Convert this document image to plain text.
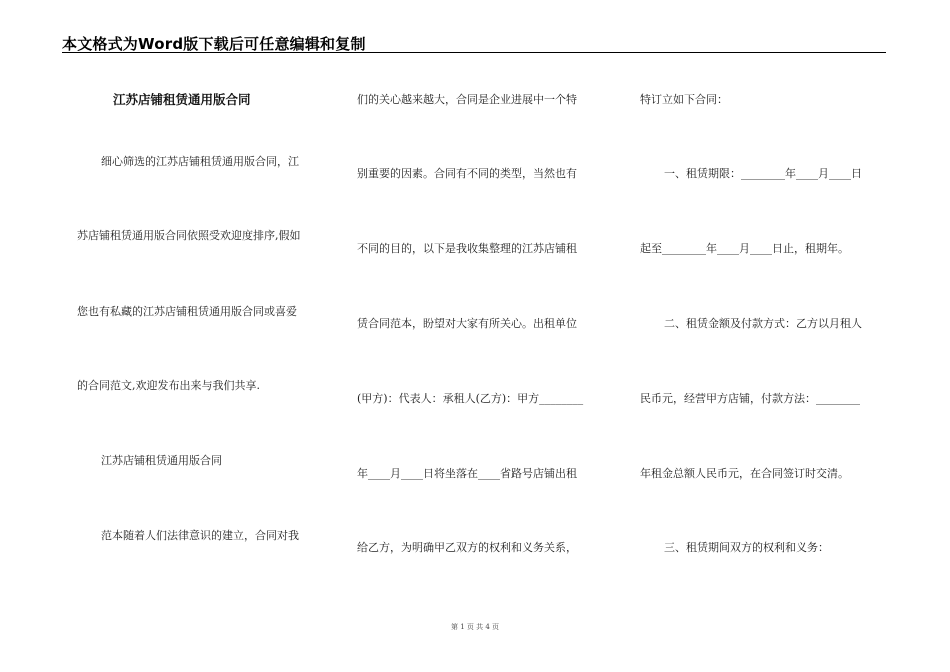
本文格式为Word版下载后可任意编辑和复制
江苏店铺租赁通用版合同
细心筛选的江苏店铺租赁通用版合同，江
苏店铺租赁通用版合同依照受欢迎度排序,假如
您也有私藏的江苏店铺租赁通用版合同或喜爱
的合同范文,欢迎发布出来与我们共享.
江苏店铺租赁通用版合同
范本随着人们法律意识的建立，合同对我
们的关心越来越大，合同是企业进展中一个特
别重要的因素。合同有不同的类型，当然也有
不同的目的，以下是我收集整理的江苏店铺租
赁合同范本，盼望对大家有所关心。出租单位
(甲方)：代表人：承租人(乙方)：甲方________
年____月____日将坐落在____省路号店铺出租
给乙方，为明确甲乙双方的权利和义务关系，
特订立如下合同：
一、租赁期限：________年____月____日
起至________年____月____日止，租期年。
二、租赁金额及付款方式：乙方以月租人
民币元，经营甲方店铺，付款方法：________
年租金总额人民币元，在合同签订时交清。
三、租赁期间双方的权利和义务：
第 1 页 共 4 页
